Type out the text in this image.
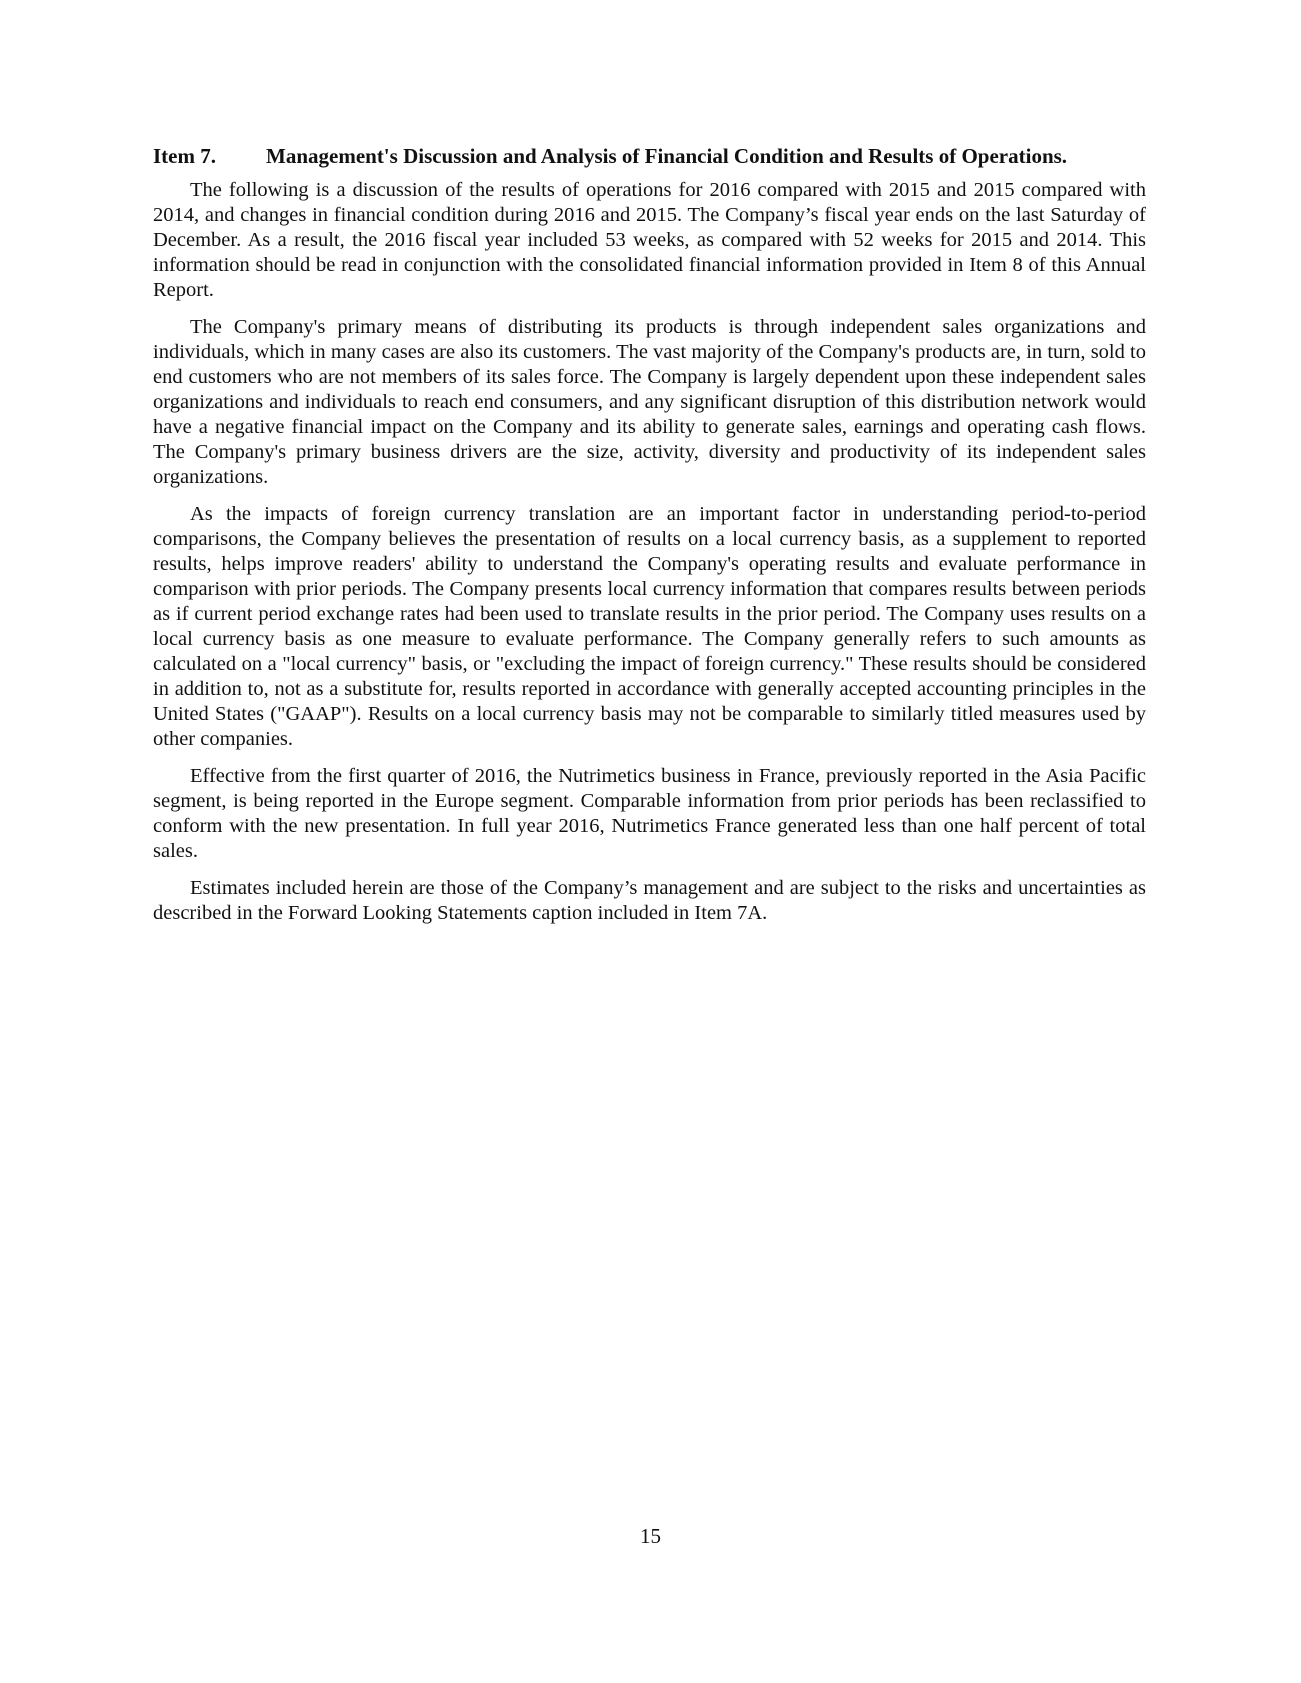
Item 7.	Management's Discussion and Analysis of Financial Condition and Results of Operations.

The following is a discussion of the results of operations for 2016 compared with 2015 and 2015 compared with 2014, and changes in financial condition during 2016 and 2015. The Company’s fiscal year ends on the last Saturday of December. As a result, the 2016 fiscal year included 53 weeks, as compared with 52 weeks for 2015 and 2014. This information should be read in conjunction with the consolidated financial information provided in Item 8 of this Annual Report.

The Company's primary means of distributing its products is through independent sales organizations and individuals, which in many cases are also its customers. The vast majority of the Company's products are, in turn, sold to end customers who are not members of its sales force. The Company is largely dependent upon these independent sales organizations and individuals to reach end consumers, and any significant disruption of this distribution network would have a negative financial impact on the Company and its ability to generate sales, earnings and operating cash flows. The Company's primary business drivers are the size, activity, diversity and productivity of its independent sales organizations.

As the impacts of foreign currency translation are an important factor in understanding period-to-period comparisons, the Company believes the presentation of results on a local currency basis, as a supplement to reported results, helps improve readers' ability to understand the Company's operating results and evaluate performance in comparison with prior periods. The Company presents local currency information that compares results between periods as if current period exchange rates had been used to translate results in the prior period. The Company uses results on a local currency basis as one measure to evaluate performance. The Company generally refers to such amounts as calculated on a "local currency" basis, or "excluding the impact of foreign currency." These results should be considered in addition to, not as a substitute for, results reported in accordance with generally accepted accounting principles in the United States ("GAAP"). Results on a local currency basis may not be comparable to similarly titled measures used by other companies.

Effective from the first quarter of 2016, the Nutrimetics business in France, previously reported in the Asia Pacific segment, is being reported in the Europe segment. Comparable information from prior periods has been reclassified to conform with the new presentation. In full year 2016, Nutrimetics France generated less than one half percent of total sales.

Estimates included herein are those of the Company’s management and are subject to the risks and uncertainties as described in the Forward Looking Statements caption included in Item 7A.

15
